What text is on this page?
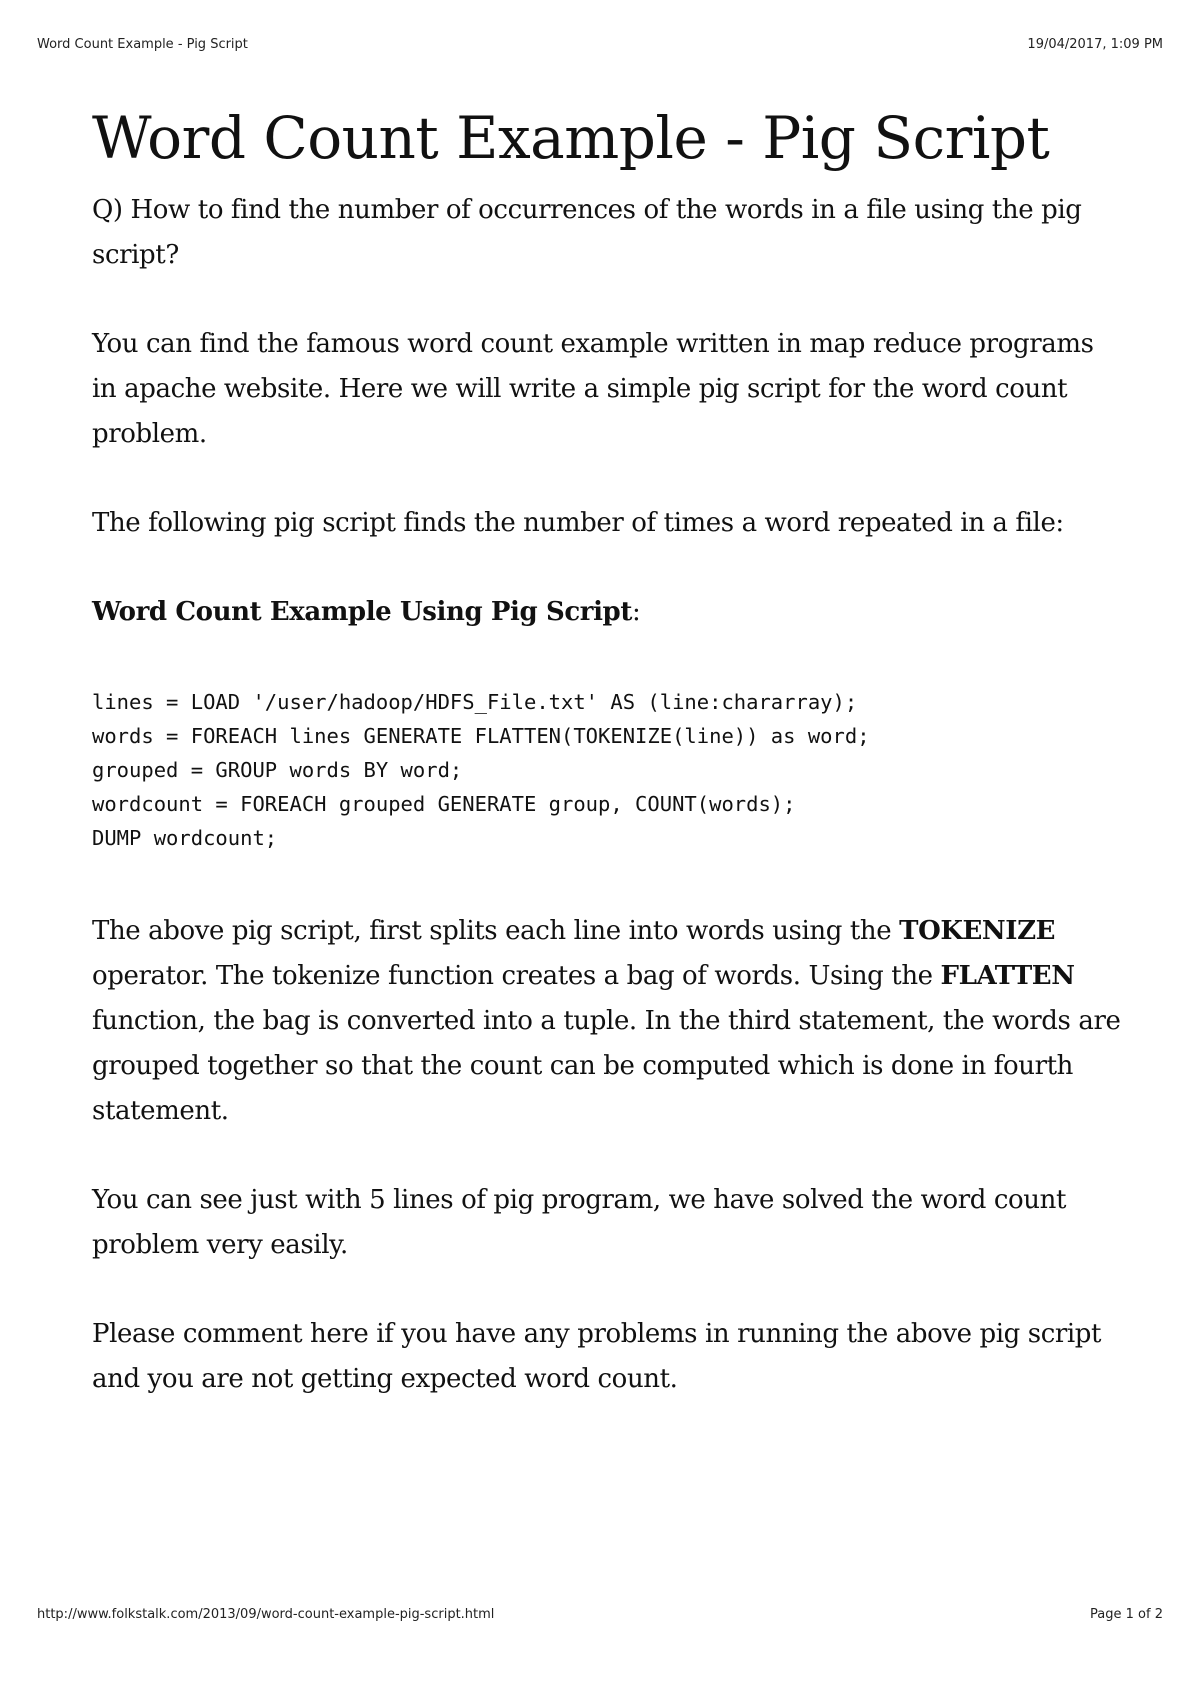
Word Count Example - Pig Script	19/04/2017, 1:09 PM
Word Count Example - Pig Script

Q) How to find the number of occurrences of the words in a file using the pig script?

You can find the famous word count example written in map reduce programs in apache website. Here we will write a simple pig script for the word count problem.

The following pig script finds the number of times a word repeated in a file:

Word Count Example Using Pig Script:
lines = LOAD '/user/hadoop/HDFS_File.txt' AS (line:chararray);
words = FOREACH lines GENERATE FLATTEN(TOKENIZE(line)) as word;
grouped = GROUP words BY word;
wordcount = FOREACH grouped GENERATE group, COUNT(words);
DUMP wordcount;

The above pig script, first splits each line into words using the TOKENIZE operator. The tokenize function creates a bag of words. Using the FLATTEN function, the bag is converted into a tuple. In the third statement, the words are grouped together so that the count can be computed which is done in fourth statement.

You can see just with 5 lines of pig program, we have solved the word count problem very easily.

Please comment here if you have any problems in running the above pig script and you are not getting expected word count.

http://www.folkstalk.com/2013/09/word-count-example-pig-script.html	Page 1 of 2
